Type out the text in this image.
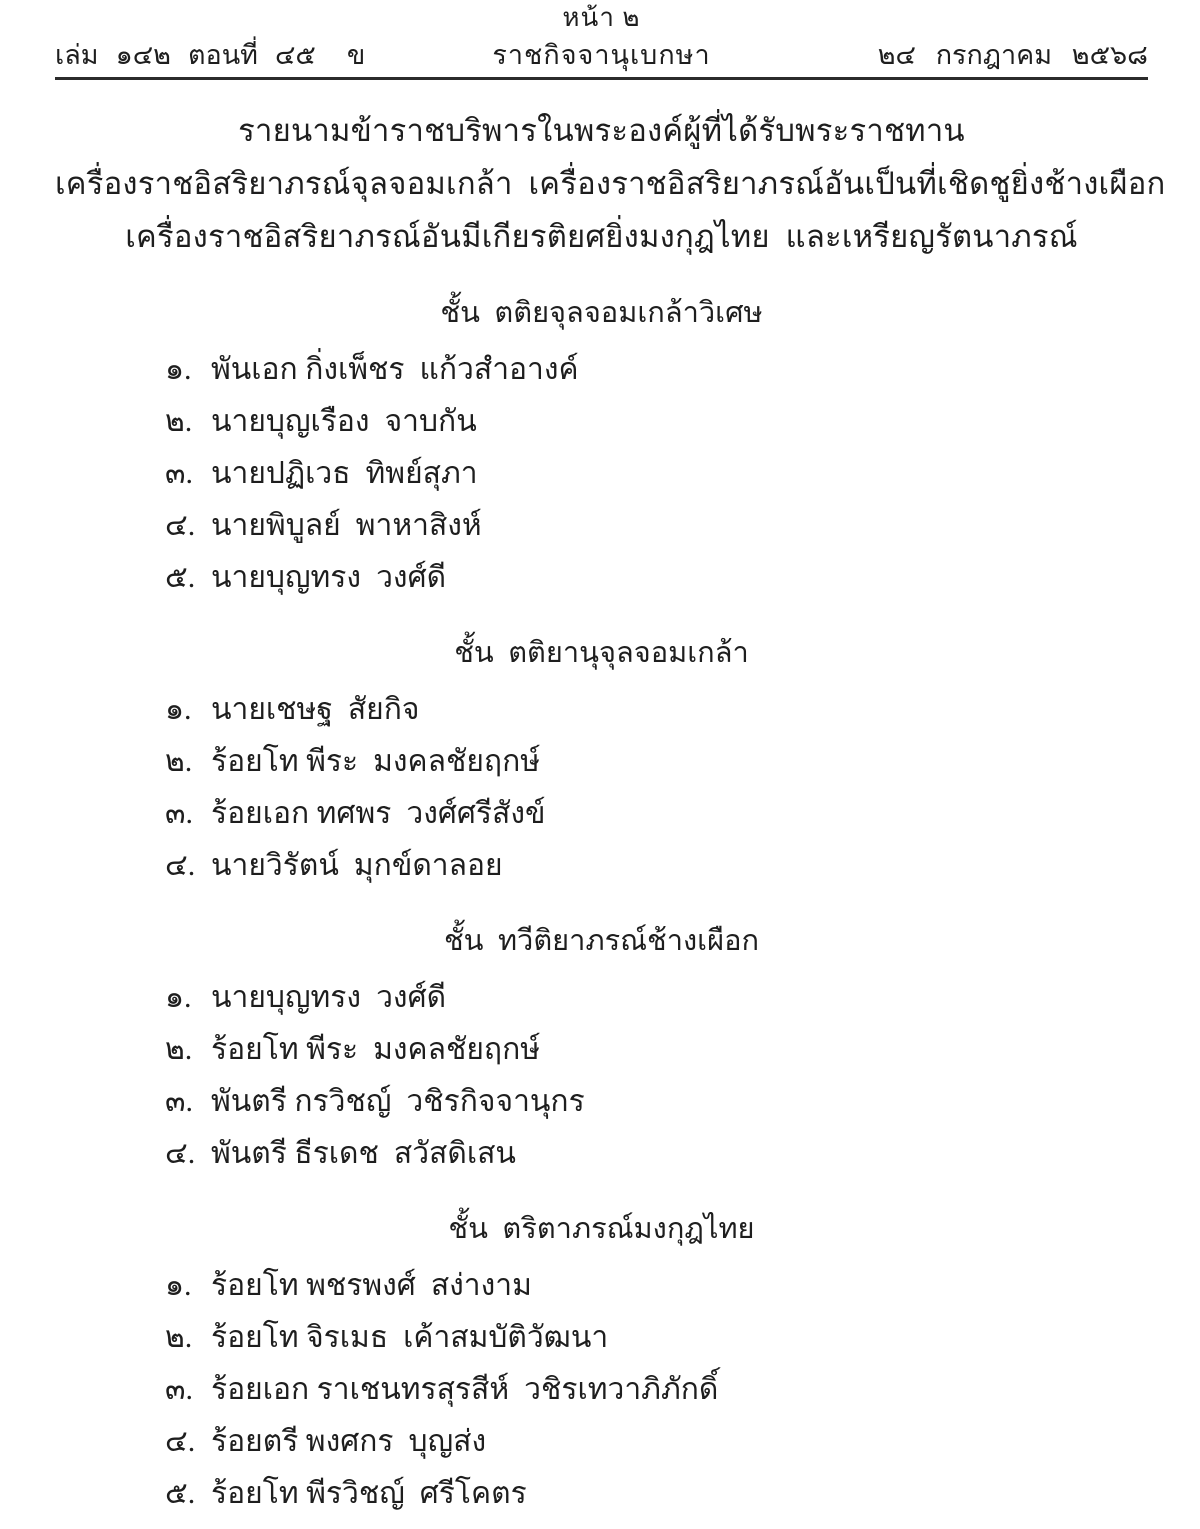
หน้า ๒
เล่ม ๑๔๒ ตอนที่ ๔๕ ข	ราชกิจจานุเบกษา	๒๔ กรกฎาคม ๒๕๖๘
รายนามข้าราชบริพารในพระองค์ผู้ที่ได้รับพระราชทาน
เครื่องราชอิสริยาภรณ์จุลจอมเกล้า  เครื่องราชอิสริยาภรณ์อันเป็นที่เชิดชูยิ่งช้างเผือก
เครื่องราชอิสริยาภรณ์อันมีเกียรติยศยิ่งมงกุฎไทย  และเหรียญรัตนาภรณ์
ชั้น  ตติยจุลจอมเกล้าวิเศษ
๑. พันเอก กิ่งเพ็ชร  แก้วสำอางค์
๒. นายบุญเรือง  จาบกัน
๓. นายปฏิเวธ  ทิพย์สุภา
๔. นายพิบูลย์  พาหาสิงห์
๕. นายบุญทรง  วงศ์ดี
ชั้น  ตติยานุจุลจอมเกล้า
๑. นายเชษฐ  สัยกิจ
๒. ร้อยโท พีระ  มงคลชัยฤกษ์
๓. ร้อยเอก ทศพร  วงศ์ศรีสังข์
๔. นายวิรัตน์  มุกข์ดาลอย
ชั้น  ทวีติยาภรณ์ช้างเผือก
๑. นายบุญทรง  วงศ์ดี
๒. ร้อยโท พีระ  มงคลชัยฤกษ์
๓. พันตรี กรวิชญ์  วชิรกิจจานุกร
๔. พันตรี ธีรเดช  สวัสดิเสน
ชั้น  ตริตาภรณ์มงกุฎไทย
๑. ร้อยโท พชรพงศ์  สง่างาม
๒. ร้อยโท จิรเมธ  เค้าสมบัติวัฒนา
๓. ร้อยเอก ราเชนทรสุรสีห์  วชิรเทวาภิภักดิ์
๔. ร้อยตรี พงศกร  บุญส่ง
๕. ร้อยโท พีรวิชญ์  ศรีโคตร
